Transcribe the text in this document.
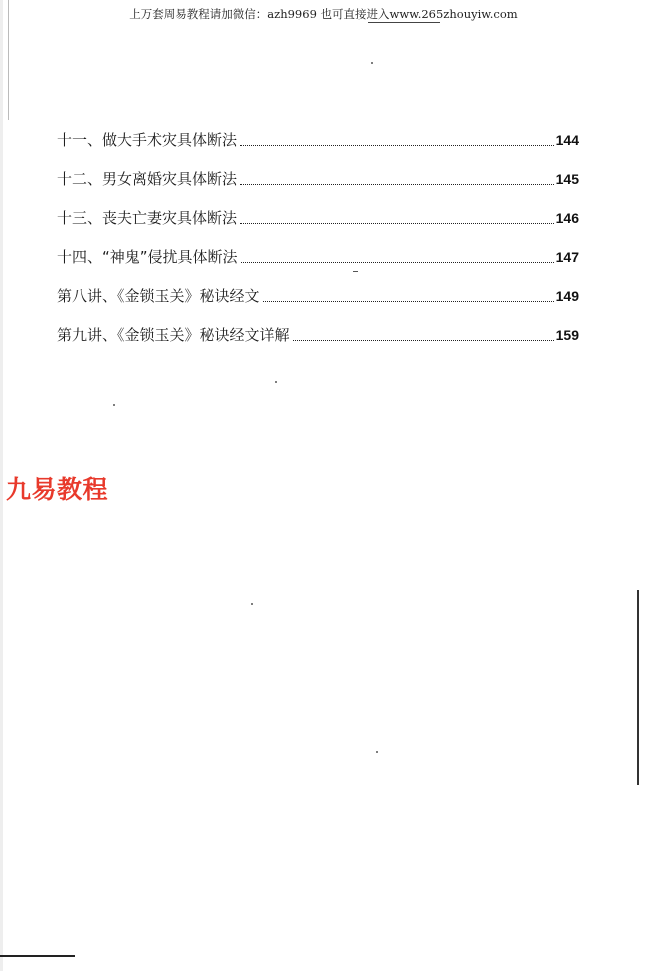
上万套周易教程请加微信：azh9969 也可直接进入www.265zhouyiw.com
十一、做大手术灾具体断法	144
十二、男女离婚灾具体断法	145
十三、丧夫亡妻灾具体断法	146
十四、“神鬼”侵扰具体断法	147
第八讲、《金锁玉关》秘诀经文	149
第九讲、《金锁玉关》秘诀经文详解	159
九易教程
